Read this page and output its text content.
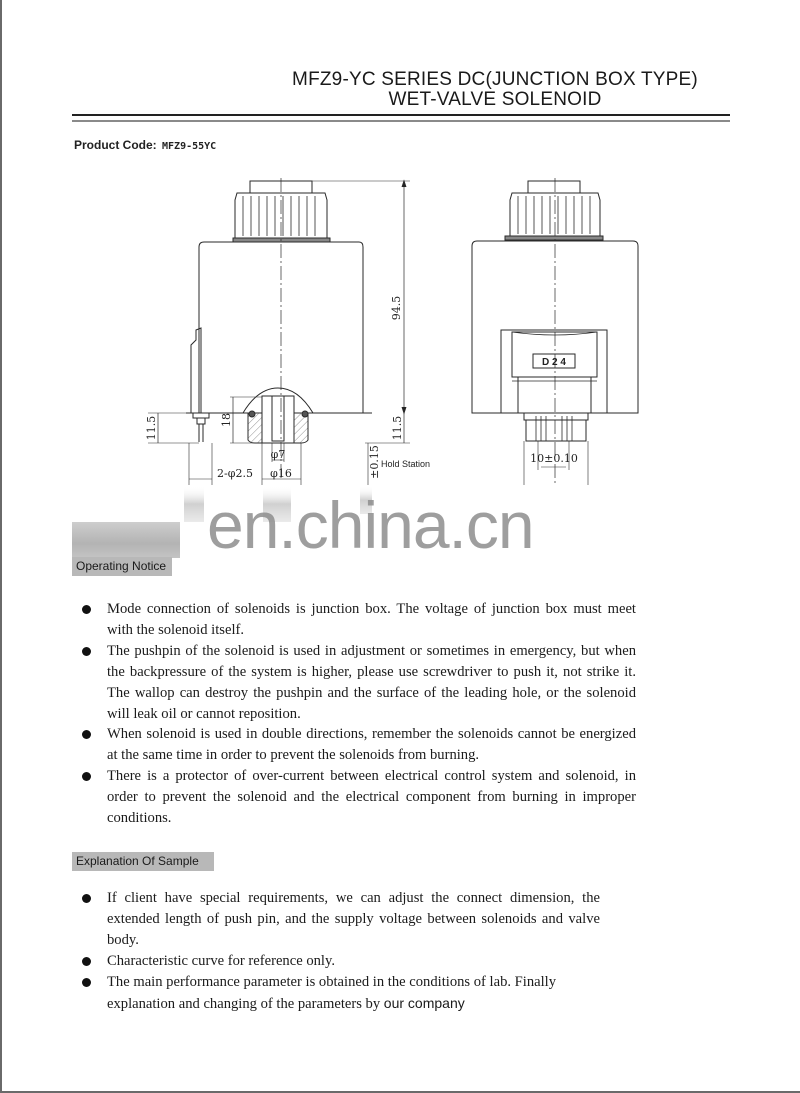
MFZ9-YC SERIES DC(JUNCTION BOX TYPE)
WET-VALVE SOLENOID
Product Code: MFZ9-55YC
94.5
11.5	11.5
18
φ7
φ16
2-φ2.5	±0.15 Hold Station
D 2 4
10±0.10
en.china.cn
Operating Notice
Mode connection of solenoids is junction box. The voltage of junction box must meet with the solenoid itself.
The pushpin of the solenoid is used in adjustment or sometimes in emergency, but when the backpressure of the system is higher, please use screwdriver to push it, not strike it. The wallop can destroy the pushpin and the surface of the leading hole, or the solenoid will leak oil or cannot reposition.
When solenoid is used in double directions, remember the solenoids cannot be energized at the same time in order to prevent the solenoids from burning.
There is a protector of over-current between electrical control system and solenoid, in order to prevent the solenoid and the electrical component from burning in improper conditions.
Explanation Of Sample
If client have special requirements, we can adjust the connect dimension, the extended length of push pin, and the supply voltage between solenoids and valve body.
Characteristic curve for reference only.
The main performance parameter is obtained in the conditions of lab. Finally explanation and changing of the parameters by our company
